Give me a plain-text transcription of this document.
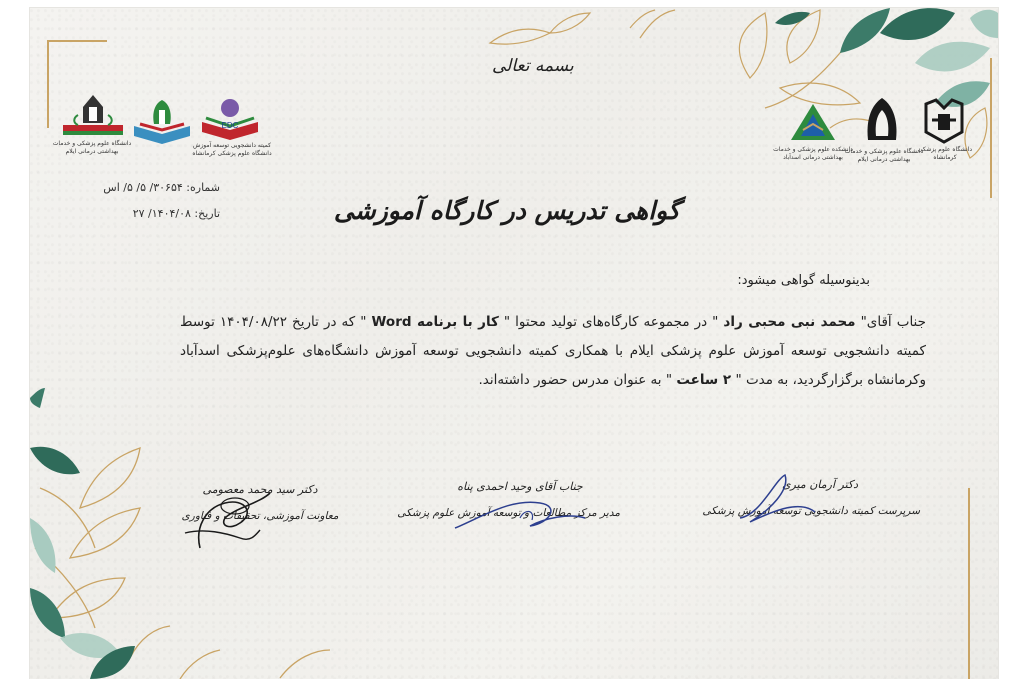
دانشگاه علوم پزشکی و خدمات بهداشتی درمانی ایلام
EDC
کمیته دانشجویی توسعه آموزش دانشگاه علوم پزشکی کرمانشاه
دانشکده علوم پزشکی و خدمات بهداشتی درمانی اسدآباد
دانشگاه علوم پزشکی و خدمات بهداشتی درمانی ایلام
دانشگاه علوم پزشکی کرمانشاه
بسمه تعالی
شماره: ۳۰۶۵۴/ ۵/ ۵/ اس
تاریخ: ۱۴۰۴/۰۸/ ۲۷	گواهی تدریس در کارگاه آموزشی
بدینوسیله گواهی میشود:
جناب آقای" محمد نبی محبی راد " در مجموعه کارگاه‌های تولید محتوا " کار با برنامه Word " که در تاریخ ۱۴۰۴/۰۸/۲۲ توسط کمیته دانشجویی توسعه آموزش علوم پزشکی ایلام با همکاری کمیته دانشجویی توسعه آموزش دانشگاه‌های علوم‌پزشکی اسدآباد وکرمانشاه برگزارگردید، به مدت " ۲ ساعت " به عنوان مدرس حضور داشته‌اند.
دکتر آرمان میری
سرپرست کمیته دانشجویی توسعه آموزش پزشکی
جناب آقای وحید احمدی پناه
مدیر مرکز مطالعات و توسعه آموزش علوم پزشکی
دکتر سید محمد معصومی
معاونت آموزشی، تحقیقات و فناوری
